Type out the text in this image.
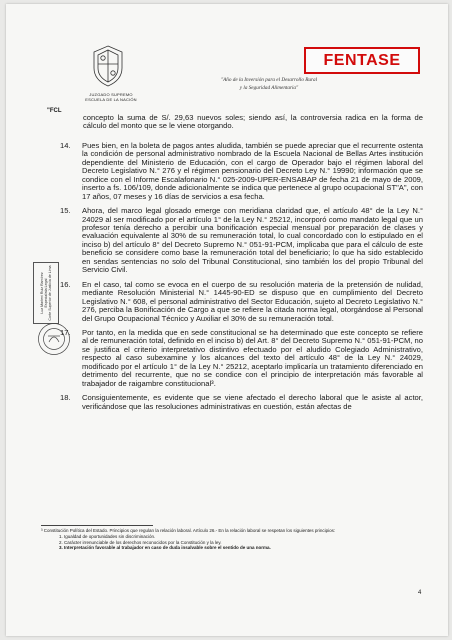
JUZGADO SUPREMO
ESCUELA DE LA NACIÓN
"Año de la Inversión para el Desarrollo Rural
y la Seguridad Alimentaria"
FENTASE
"FCL
concepto la suma de S/. 29,63 nuevos soles; siendo así, la controversia radica en la forma de cálculo del monto que se le viene otorgando.
14.	Pues bien, en la boleta de pagos antes aludida, también se puede apreciar que el recurrente ostenta la condición de personal administrativo nombrado de la Escuela Nacional de Bellas Artes institución dependiente del Ministerio de Educación, con el cargo de Operador bajo el régimen laboral del Decreto Legislativo N.° 276 y el régimen pensionario del Decreto Ley N.° 19990; información que se condice con el Informe Escalafonario N.° 025-2009-UPER-ENSABAP de fecha 21 de mayo de 2009, inserto a fs. 106/109, donde adicionalmente se indica que pertenece al grupo ocupacional ST"A", con 17 años, 07 meses y 16 días de servicios a esa fecha.
15.	Ahora, del marco legal glosado emerge con meridiana claridad que, el artículo 48° de la Ley N.° 24029 al ser modificado por el artículo 1° de la Ley N.° 25212, incorporó como mandato legal que un profesor tenía derecho a percibir una bonificación especial mensual por preparación de clases y evaluación equivalente al 30% de su remuneración total, lo cual concordado con lo estipulado en el inciso b) del artículo 8° del Decreto Supremo N.° 051-91-PCM, implicaba que para el cálculo de este beneficio se considere como base la remuneración total del beneficiario; lo que ha sido establecido en sendas sentencias no solo del Tribunal Constitucional, sino también los del propio Tribunal del Servicio Civil.
16.	En el caso, tal como se evoca en el cuerpo de su resolución materia de la pretensión de nulidad, mediante Resolución Ministerial N.° 1445-90-ED se dispuso que en cumplimiento del Decreto Legislativo N.° 608, el personal administrativo del Sector Educación, sujeto al Decreto Legislativo N.° 276, perciba la Bonificación de Cargo a que se refiere la citada norma legal, otorgándose al Personal del Grupo Ocupacional Técnico y Auxiliar el 30% de su remuneración total.
17.	Por tanto, en la medida que en sede constitucional se ha determinado que este concepto se refiere al de remuneración total, definido en el inciso b) del Art. 8° del Decreto Supremo N.° 051-91-PCM, no se justifica el criterio interpretativo distintivo efectuado por el aludido Colegiado Administrativo, respecto al caso subexamine y los alcances del texto del artículo 48° de la Ley N.° 24029, modificado por el artículo 1° de la Ley N.° 25212, aceptarlo implicaría un tratamiento diferenciado en detrimento del recurrente, que no se condice con el principio de interpretación más favorable al trabajador de raigambre constitucional³.
18.	Consiguientemente, es evidente que se viene afectado el derecho laboral que le asiste al actor, verificándose que las resoluciones administrativas en cuestión, están afectas de
Luz Marleni Ruiz Ramírez Especialista Legal Corte Superior de Justicia de Lima
³ Constitución Política del Estado. Principios que regulan la relación laboral. Artículo 26.- En la relación laboral se respetan los siguientes principios:
1. Igualdad de oportunidades sin discriminación.
2. Carácter irrenunciable de los derechos reconocidos por la Constitución y la ley.
3. Interpretación favorable al trabajador en caso de duda insalvable sobre el sentido de una norma.
4
